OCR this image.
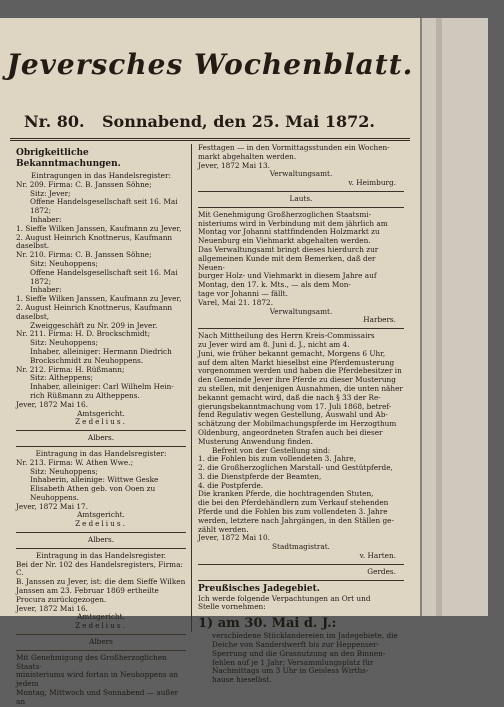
Jeversches Wochenblatt.
Nr. 80. Sonnabend, den 25. Mai 1872.

Obrigkeitliche Bekanntmachungen.

Eintragungen in das Handelsregister:

Nr. 209. Firma: C. B. Janssen Söhne;

Sitz: Jever;

Offene Handelsgesellschaft seit 16. Mai

1872;

Inhaber:

1. Sieffe Wilken Janssen, Kaufmann zu Jever,

2. August Heinrich Knottnerus, Kaufmann daselbst.

Nr. 210. Firma: C. B. Janssen Söhne;

Sitz: Neuhoppens;

Offene Handelsgesellschaft seit 16. Mai

1872;

Inhaber:

1. Sieffe Wilken Janssen, Kaufmann zu Jever,

2. August Heinrich Knottnerus, Kaufmann daselbst,

Zweiggeschäft zu Nr. 209 in Jever.

Nr. 211. Firma: H. D. Brockschmidt;

Sitz: Neuhoppens;

Inhaber, alleiniger: Hermann Diedrich

Brockschmidt zu Neuhoppens.

Nr. 212. Firma: H. Rüßmann;

Sitz: Altheppens;

Inhaber, alleiniger: Carl Wilhelm Hein-

rich Rüßmann zu Altheppens.

Jever, 1872 Mai 16.

Amtsgericht.

Zedelius.

Albers.

Eintragung in das Handelsregister:

Nr. 213. Firma: W. Athen Wwe.;

Sitz: Neuhoppens;

Inhaberin, alleinige: Wittwe Geske

Elisabeth Athen geb. von Ooen zu

Neuhoppens.

Jever, 1872 Mai 17.

Amtsgericht.

Zedelius.

Albers.

Eintragung in das Handelsregister.

Bei der Nr. 102 des Handelsregisters, Firma: C.

B. Janssen zu Jever, ist: die dem Sieffe Wilken

Janssen am 23. Februar 1869 ertheilte

Procura zurückgezogen.

Jever, 1872 Mai 16.

Amtsgericht.

Zedelius.

Albers

Mit Genehmigung des Großherzoglichen Staats-

ministeriums wird fortan in Neuhoppens an jedem

Montag, Mittwoch und Sonnabend — außer an

Festtagen — in den Vormittagsstunden ein Wochen-

markt abgehalten werden.

Jever, 1872 Mai 13.

Verwaltungsamt.

v. Heimburg.

Lauts.

Mit Genehmigung Großherzoglichen Staatsmi-

nisteriums wird in Verbindung mit dem jährlich am

Montag vor Johanni stattfindenden Holzmarkt zu

Neuenburg ein Viehmarkt abgehalten werden.

Das Verwaltungsamt bringt dieses hierdurch zur

allgemeinen Kunde mit dem Bemerken, daß der Neuen-

burger Holz- und Viehmarkt in diesem Jahre auf

Montag, den 17. k. Mts., — als dem Mon-

tage vor Johanni — fällt.

Varel, Mai 21. 1872.

Verwaltungsamt.

Harbers.

Nach Mittheilung des Herrn Kreis-Commissairs

zu Jever wird am 8. Juni d. J., nicht am 4.

Juni, wie früher bekannt gemacht, Morgens 6 Uhr,

auf dem alten Markt hieselbst eine Pferdemusterung

vorgenommen werden und haben die Pferdebesitzer in

den Gemeinde Jever ihre Pferde zu dieser Musterung

zu stellen, mit denjenigen Ausnahmen, die unten näher

bekannt gemacht wird, daß die nach § 33 der Re-

gierungsbekanntmachung vom 17. Juli 1868, betref-

fend Regulativ wegen Gestellung, Auswahl und Ab-

schätzung der Mobilmachungspferde im Herzogthum

Oldenburg, angeordneten Strafen auch bei dieser

Musterung Anwendung finden.

Befreit von der Gestellung sind:

1. die Fohlen bis zum vollendeten 3. Jahre,

2. die Großherzoglichen Marstall- und Gestütpferde,

3. die Dienstpferde der Beamten,

4. die Postpferde.

Die kranken Pferde, die hochtragenden Stuten,

die bei den Pferdehändlern zum Verkauf stehenden

Pferde und die Fohlen bis zum vollendeten 3. Jahre

werden, letztere nach Jahrgängen, in den Ställen ge-

zählt werden.

Jever, 1872 Mai 10.

Stadtmagistrat.

v. Harten.

Gerdes.

Preußisches Jadegebiet.

Ich werde folgende Verpachtungen an Ort und

Stelle vornehmen:

1) am 30. Mai d. J.:

verschiedene Stücklandereien im Jadegebiete, die

Deiche von Sanderdwerft bis zur Heppenser-

Sperrung und die Grasnutzung an den Binnen-

fehlen auf je 1 Jahr; Versammlungsplatz für

Nachmittags um 3 Uhr in Geisless Wirths-

hause hieselbst.
